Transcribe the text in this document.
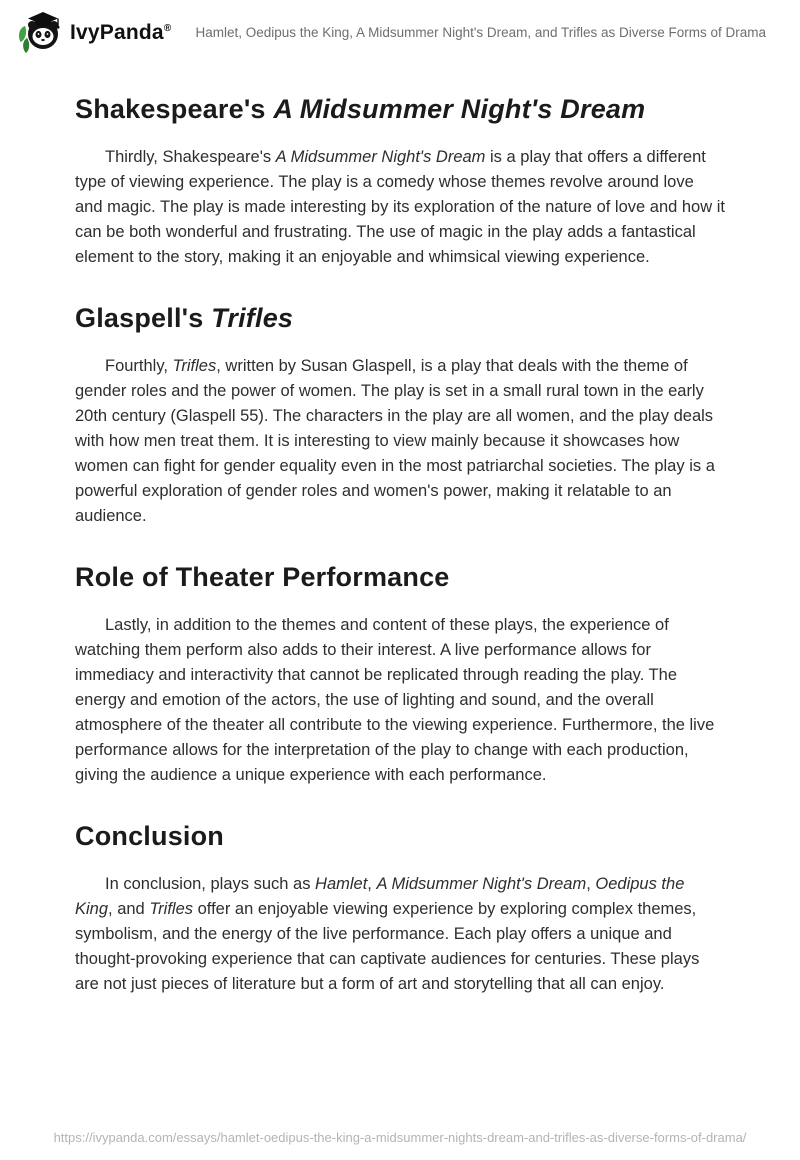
IvyPanda® Hamlet, Oedipus the King, A Midsummer Night's Dream, and Trifles as Diverse Forms of Drama
Shakespeare's A Midsummer Night's Dream

Thirdly, Shakespeare's A Midsummer Night's Dream is a play that offers a different type of viewing experience. The play is a comedy whose themes revolve around love and magic. The play is made interesting by its exploration of the nature of love and how it can be both wonderful and frustrating. The use of magic in the play adds a fantastical element to the story, making it an enjoyable and whimsical viewing experience.

Glaspell's Trifles

Fourthly, Trifles, written by Susan Glaspell, is a play that deals with the theme of gender roles and the power of women. The play is set in a small rural town in the early 20th century (Glaspell 55). The characters in the play are all women, and the play deals with how men treat them. It is interesting to view mainly because it showcases how women can fight for gender equality even in the most patriarchal societies. The play is a powerful exploration of gender roles and women's power, making it relatable to an audience.

Role of Theater Performance

Lastly, in addition to the themes and content of these plays, the experience of watching them perform also adds to their interest. A live performance allows for immediacy and interactivity that cannot be replicated through reading the play. The energy and emotion of the actors, the use of lighting and sound, and the overall atmosphere of the theater all contribute to the viewing experience. Furthermore, the live performance allows for the interpretation of the play to change with each production, giving the audience a unique experience with each performance.

Conclusion

In conclusion, plays such as Hamlet, A Midsummer Night's Dream, Oedipus the King, and Trifles offer an enjoyable viewing experience by exploring complex themes, symbolism, and the energy of the live performance. Each play offers a unique and thought-provoking experience that can captivate audiences for centuries. These plays are not just pieces of literature but a form of art and storytelling that all can enjoy.

https://ivypanda.com/essays/hamlet-oedipus-the-king-a-midsummer-nights-dream-and-trifles-as-diverse-forms-of-drama/
